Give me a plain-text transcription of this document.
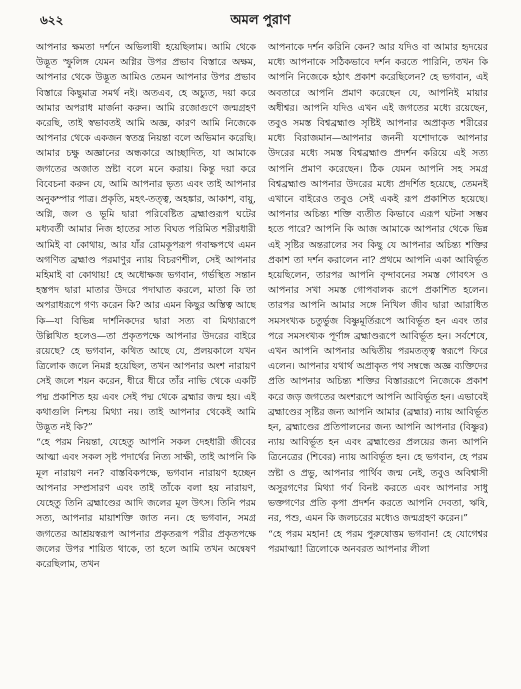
৬২২	অমল পুরাণ

আপনার ক্ষমতা দর্শনে অভিলাষী হয়েছিলাম। আমি থেকে উদ্ভূত স্ফুলিঙ্গ যেমন অগ্নির উপর প্রভাব বিস্তারে অক্ষম, আপনার থেকে উদ্ভূত আমিও তেমন আপনার উপর প্রভাব বিস্তারে কিছুমাত্র সমর্থ নই। অতএব, হে অচ্যুত, দয়া করে আমার অপরাধ মার্জনা করুন। আমি রজোগুণে জন্মগ্রহণ করেছি, তাই স্বভাবতই আমি অজ্ঞ, কারণ আমি নিজেকে আপনার থেকে একজন স্বতন্ত্র নিয়ন্তা বলে অভিমান করেছি। আমার চক্ষু অজ্ঞানের অন্ধকারে আচ্ছাদিত, যা আমাকে জগতের অজাত স্রষ্টা বলে মনে করায়। কিন্তু দয়া করে বিবেচনা করুন যে, আমি আপনার ভৃত্য এবং তাই আপনার অনুকম্পার পাত্র। প্রকৃতি, মহৎ-তত্ত্ব, অহঙ্কার, আকাশ, বায়ু, অগ্নি, জল ও ভূমি দ্বারা পরিবেষ্টিত ব্রহ্মাণ্ডরূপ ঘটের মধ্যবর্তী আমার নিজ হাতের সাত বিঘত পরিমিত শরীরধারী আমিই বা কোথায়, আর যাঁর রোমকূপরূপ গবাক্ষপথে এমন অগণিত ব্রহ্মাণ্ড পরমাণুর ন্যায় বিচরণশীল, সেই আপনার মহিমাই বা কোথায়! হে অধোক্ষজ ভগবান, গর্ভস্থিত সন্তান হস্তপদ দ্বারা মাতার উদরে পদাঘাত করলে, মাতা কি তা অপরাধরূপে গণ্য করেন কি? আর এমন কিছুর অস্তিত্ব আছে কি—যা বিভিন্ন দার্শনিকদের দ্বারা সত্য বা মিথ্যারূপে উল্লিখিত হলেও—তা প্রকৃতপক্ষে আপনার উদরের বাইরে রয়েছে? হে ভগবান, কথিত আছে যে, প্রলয়কালে যখন ত্রিলোক জলে নিমগ্ন হয়েছিল, তখন আপনার অংশ নারায়ণ সেই জলে শয়ন করেন, ধীরে ধীরে তাঁর নাভি থেকে একটি পদ্ম প্রকাশিত হয় এবং সেই পদ্ম থেকে ব্রহ্মার জন্ম হয়। এই কথাগুলি নিশ্চয় মিথ্যা নয়। তাই আপনার থেকেই আমি উদ্ভূত নই কি?”

“হে পরম নিয়ন্তা, যেহেতু আপনি সকল দেহধারী জীবের আত্মা এবং সকল সৃষ্ট পদার্থের নিত্য সাক্ষী, তাই আপনি কি মূল নারায়ণ নন? বাস্তবিকপক্ষে, ভগবান নারায়ণ হচ্ছেন আপনার সম্প্রসারণ এবং তাই তাঁকে বলা হয় নারায়ণ, যেহেতু তিনি ব্রহ্মাণ্ডের আদি জলের মূল উৎস। তিনি পরম সত্য, আপনার মায়াশক্তি জাত নন। হে ভগবান, সমগ্র জগতের আশ্রয়স্বরূপ আপনার প্রকৃতরূপ পরীর প্রকৃতপক্ষে জলের উপর শায়িত থাকে, তা হলে আমি তখন অন্বেষণ করেছিলাম, তখন

আপনাকে দর্শন করিনি কেন? আর যদিও বা আমার হৃদয়ের মধ্যে আপনাকে সঠিকভাবে দর্শন করতে পারিনি, তখন কি আপনি নিজেকে হঠাৎ প্রকাশ করেছিলেন? হে ভগবান, এই অবতারে আপনি প্রমাণ করেছেন যে, আপনিই মায়ার অধীশ্বর। আপনি যদিও এখন এই জগতের মধ্যে রয়েছেন, তবুও সমস্ত বিশ্বব্রহ্মাণ্ড সৃষ্টিই আপনার অপ্রাকৃত শরীরের মধ্যে বিরাজমান—আপনার জননী যশোদাকে আপনার উদরের মধ্যে সমস্ত বিশ্বব্রহ্মাণ্ড প্রদর্শন করিয়ে এই সত্য আপনি প্রমাণ করেছেন। ঠিক যেমন আপনি সহ সমগ্র বিশ্বব্রহ্মাণ্ড আপনার উদরের মধ্যে প্রদর্শিত হয়েছে, তেমনই এখানে বাইরেও তবুও সেই একই রূপ প্রকাশিত হয়েছে। আপনার অচিন্ত্য শক্তি ব্যতীত কিভাবে এরূপ ঘটনা সম্ভব হতে পারে? আপনি কি আজ আমাকে আপনার থেকে ভিন্ন এই সৃষ্টির অন্তরালের সব কিছু যে আপনার অচিন্ত্য শক্তির প্রকাশ তা দর্শন করালেন না? প্রথমে আপনি একা আবির্ভূত হয়েছিলেন, তারপর আপনি বৃন্দাবনের সমস্ত গোবৎস ও আপনার সখা সমস্ত গোপবালক রূপে প্রকাশিত হলেন। তারপর আপনি আমার সঙ্গে নিখিল জীব দ্বারা আরাধিত সমসংখ্যক চতুর্ভুজ বিষ্ণুমূর্তিরূপে আবির্ভূত হন এবং তার পরে সমসংখ্যক পূর্ণাঙ্গ ব্রহ্মাণ্ডরূপে আবির্ভূত হন। সর্বশেষে, এখন আপনি আপনার অদ্বিতীয় পরমতত্ত্ব স্বরূপে ফিরে এলেন। আপনার যথার্থ অপ্রাকৃত পথ সম্বন্ধে অজ্ঞ ব্যক্তিদের প্রতি আপনার অচিন্ত্য শক্তির বিস্তাররূপে নিজেকে প্রকাশ করে জড় জগতের অংশরূপে আপনি আবির্ভূত হন। এভাবেই ব্রহ্মাণ্ডের সৃষ্টির জন্য আপনি আমার (ব্রহ্মার) ন্যায় আবির্ভূত হন, ব্রহ্মাণ্ডের প্রতিপালনের জন্য আপনি আপনার (বিষ্ণুর) ন্যায় আবির্ভূত হন এবং ব্রহ্মাণ্ডের প্রলয়ের জন্য আপনি ত্রিনেত্রের (শিবের) ন্যায় আবির্ভূত হন। হে ভগবান, হে পরম স্রষ্টা ও প্রভু, আপনার পার্থিব জন্ম নেই, তবুও অবিশ্বাসী অসুরগণের মিথ্যা গর্ব বিনষ্ট করতে এবং আপনার সাধু ভক্তগণের প্রতি কৃপা প্রদর্শন করতে আপনি দেবতা, ঋষি, নর, পশু, এমন কি জলচরের মধ্যেও জন্মগ্রহণ করেন।”

“হে পরম মহান! হে পরম পুরুষোত্তম ভগবান! হে যোগেশ্বর পরমাত্মা! ত্রিলোকে অনবরত আপনার লীলা
